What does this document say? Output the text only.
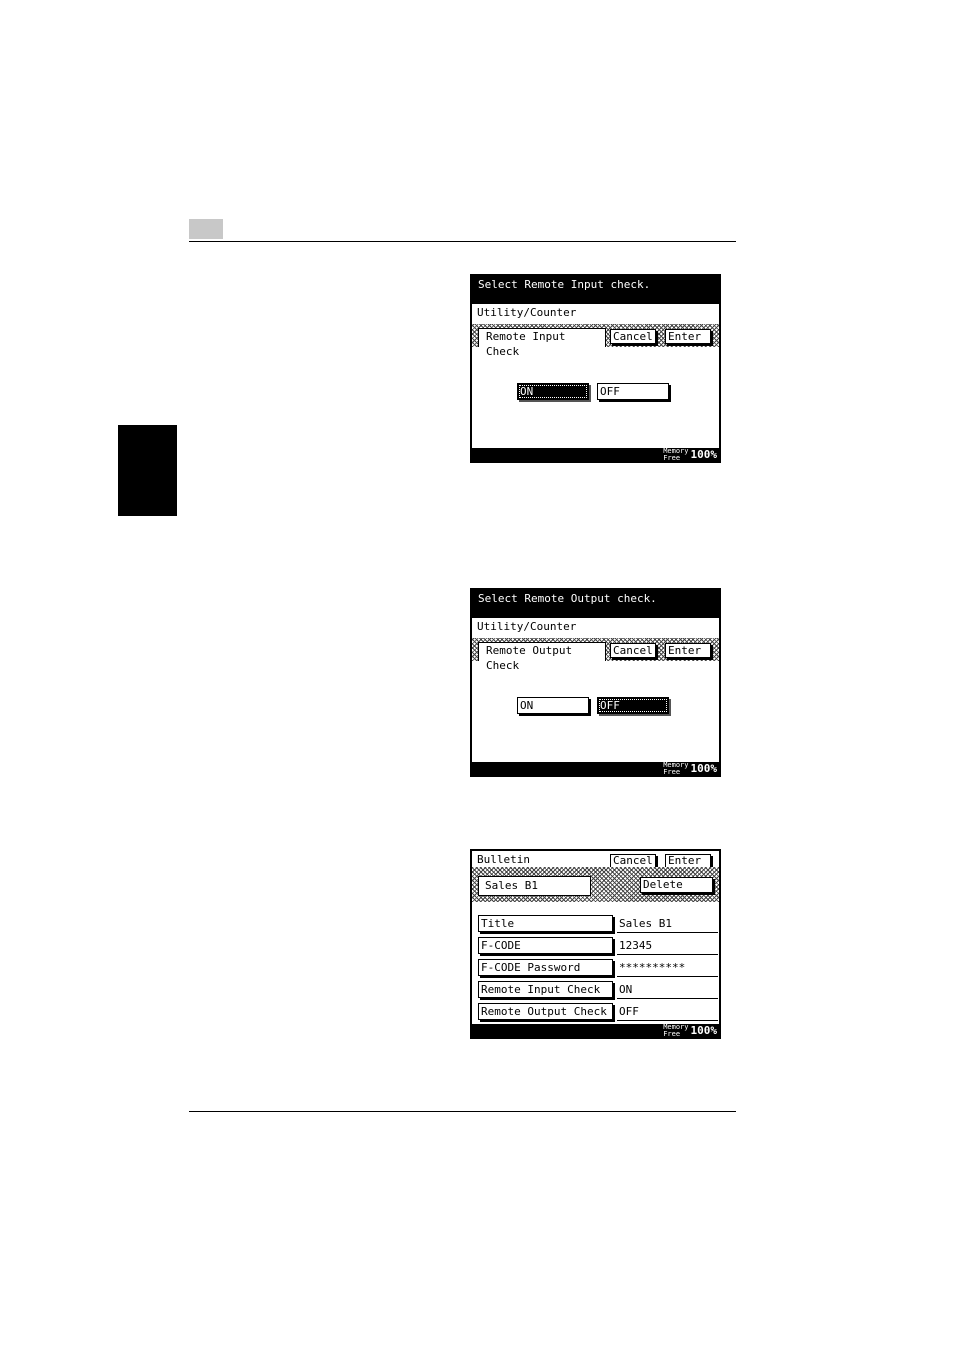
Select Remote Input check.
Utility/Counter
Remote Input Check
Cancel Enter
ON	OFF
Memory
Free 100%
Select Remote Output check.
Utility/Counter
Remote Output Check
Cancel Enter
ON	OFF
Memory
Free 100%
Bulletin	Cancel Enter
Sales B1	Delete
Title	Sales B1
F-CODE	12345
F-CODE Password	**********
Remote Input Check	ON
Remote Output Check	OFF
Memory
Free 100%
